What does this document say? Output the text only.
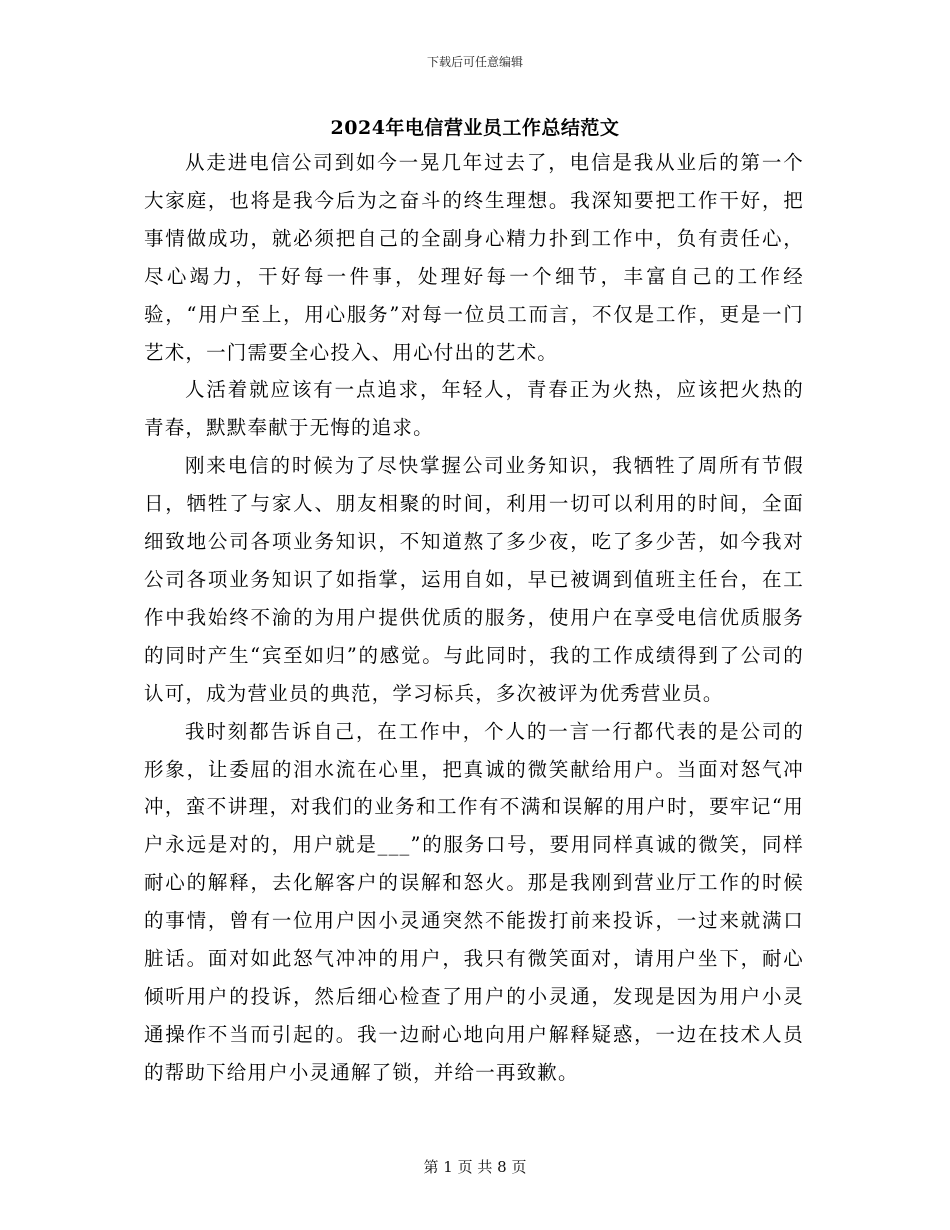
下载后可任意编辑
2024年电信营业员工作总结范文

从走进电信公司到如今一晃几年过去了，电信是我从业后的第一个大家庭，也将是我今后为之奋斗的终生理想。我深知要把工作干好，把事情做成功，就必须把自己的全副身心精力扑到工作中，负有责任心，尽心竭力，干好每一件事，处理好每一个细节，丰富自己的工作经验，“用户至上，用心服务”对每一位员工而言，不仅是工作，更是一门艺术，一门需要全心投入、用心付出的艺术。

人活着就应该有一点追求，年轻人，青春正为火热，应该把火热的青春，默默奉献于无悔的追求。

刚来电信的时候为了尽快掌握公司业务知识，我牺牲了周所有节假日，牺牲了与家人、朋友相聚的时间，利用一切可以利用的时间，全面细致地公司各项业务知识，不知道熬了多少夜，吃了多少苦，如今我对公司各项业务知识了如指掌，运用自如，早已被调到值班主任台，在工作中我始终不渝的为用户提供优质的服务，使用户在享受电信优质服务的同时产生“宾至如归”的感觉。与此同时，我的工作成绩得到了公司的认可，成为营业员的典范，学习标兵，多次被评为优秀营业员。

我时刻都告诉自己，在工作中，个人的一言一行都代表的是公司的形象，让委屈的泪水流在心里，把真诚的微笑献给用户。当面对怒气冲冲，蛮不讲理，对我们的业务和工作有不满和误解的用户时，要牢记“用户永远是对的，用户就是___”的服务口号，要用同样真诚的微笑，同样耐心的解释，去化解客户的误解和怒火。那是我刚到营业厅工作的时候的事情，曾有一位用户因小灵通突然不能拨打前来投诉，一过来就满口脏话。面对如此怒气冲冲的用户，我只有微笑面对，请用户坐下，耐心倾听用户的投诉，然后细心检查了用户的小灵通，发现是因为用户小灵通操作不当而引起的。我一边耐心地向用户解释疑惑，一边在技术人员的帮助下给用户小灵通解了锁，并给一再致歉。

第 1 页 共 8 页
